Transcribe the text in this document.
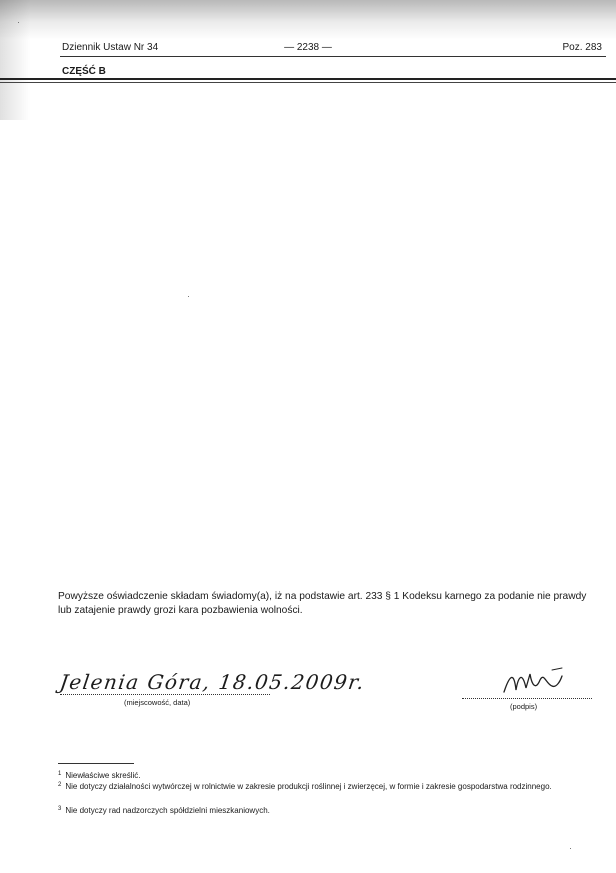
Dziennik Ustaw Nr 34	— 2238 —	Poz. 283
CZĘŚĆ B
Powyższe oświadczenie składam świadomy(a), iż na podstawie art. 233 § 1 Kodeksu karnego za podanie nie prawdy lub zatajenie prawdy grozi kara pozbawienia wolności.
Jelenia Góra, 18.05.2009r.
(miejscowość, data)	(podpis)
$^1$ Niewłaściwe skreślić.
$^2$ Nie dotyczy działalności wytwórczej w rolnictwie w zakresie produkcji roślinnej i zwierzęcej, w formie i zakresie gospodarstwa rodzinnego.
$^3$ Nie dotyczy rad nadzorczych spółdzielni mieszkaniowych.
